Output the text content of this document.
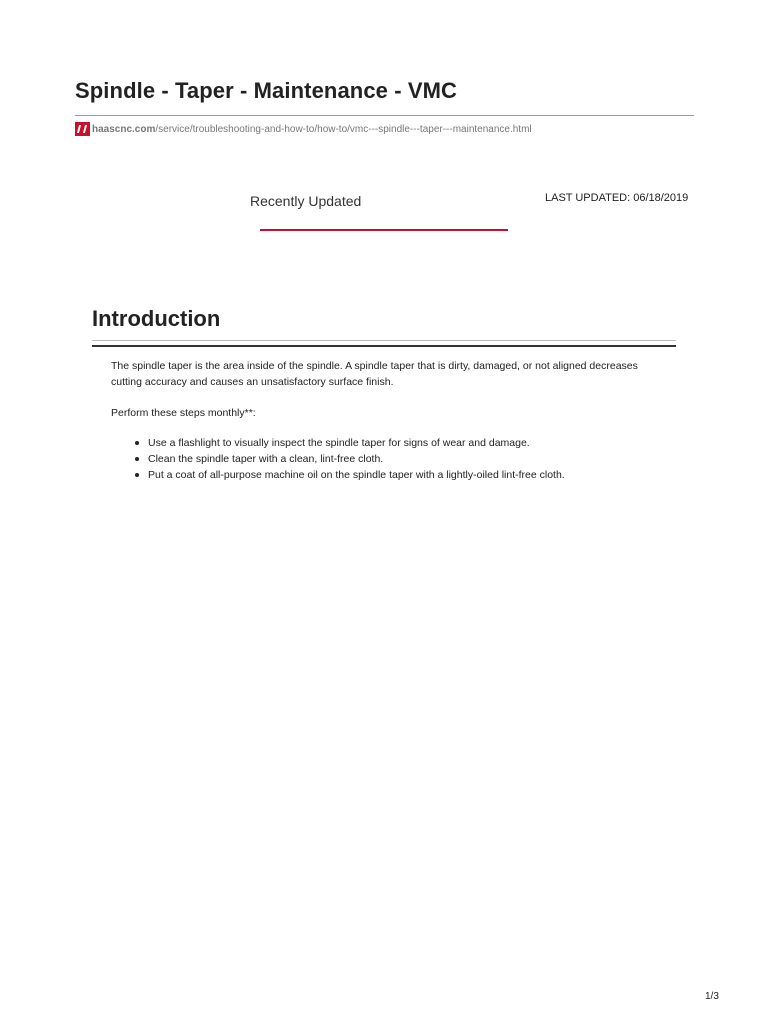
Spindle - Taper - Maintenance - VMC
haascnc.com /service/troubleshooting-and-how-to/how-to/vmc---spindle---taper---maintenance.html
Recently Updated	LAST UPDATED: 06/18/2019
Introduction

The spindle taper is the area inside of the spindle. A spindle taper that is dirty, damaged, or not aligned decreases cutting accuracy and causes an unsatisfactory surface finish.

Perform these steps monthly**:

Use a flashlight to visually inspect the spindle taper for signs of wear and damage.
Clean the spindle taper with a clean, lint-free cloth.
Put a coat of all-purpose machine oil on the spindle taper with a lightly-oiled lint-free cloth.
1/3
